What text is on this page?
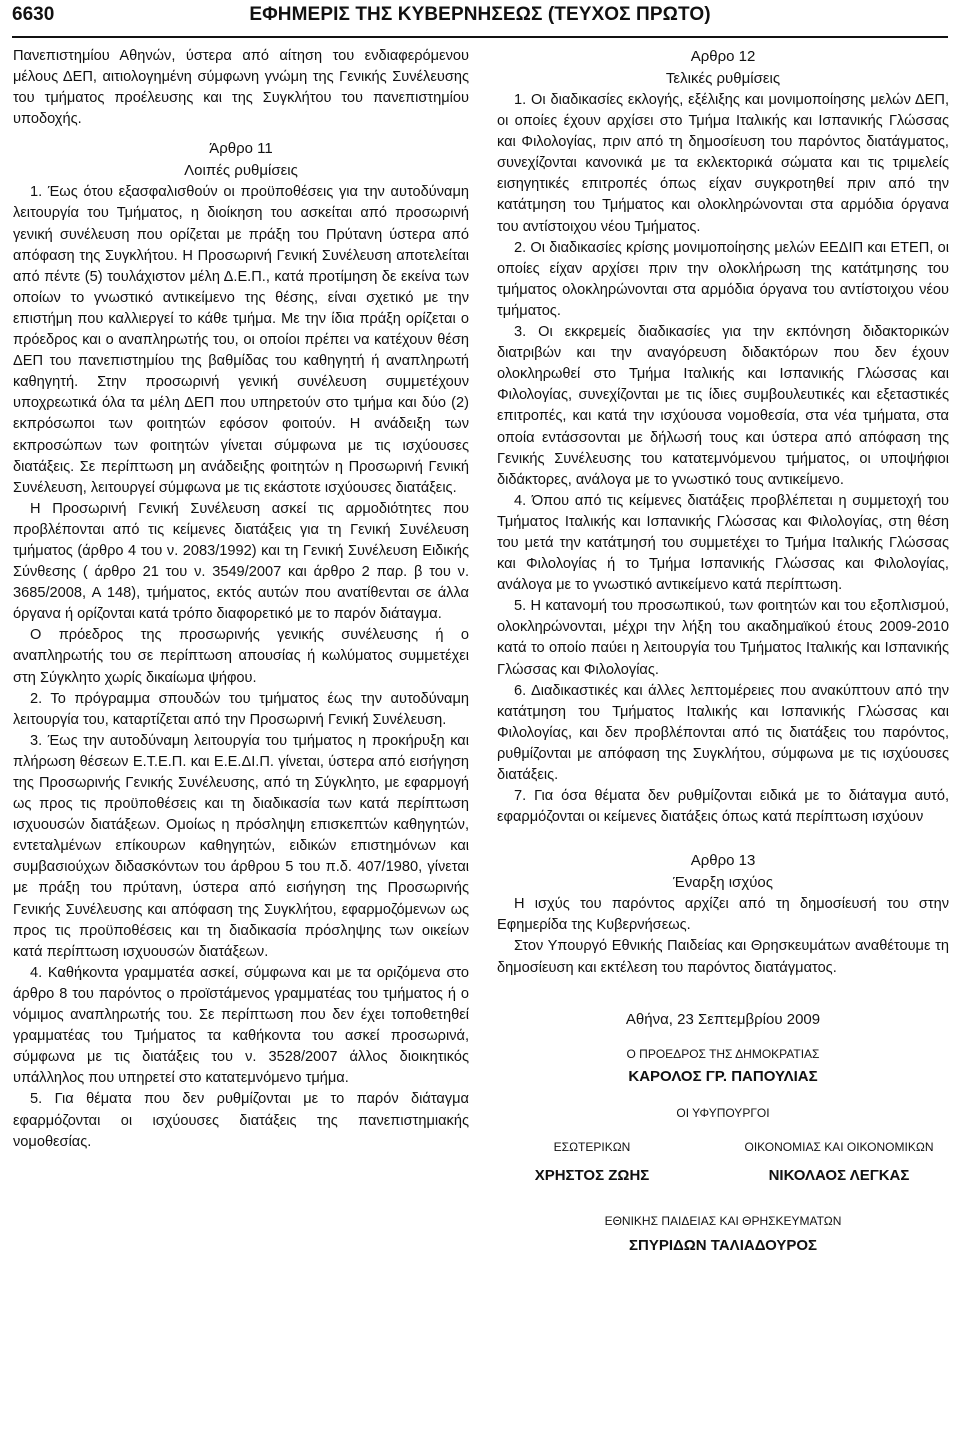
6630	ΕΦΗΜΕΡΙΣ ΤΗΣ ΚΥΒΕΡΝΗΣΕΩΣ (ΤΕΥΧΟΣ ΠΡΩΤΟ)

Πανεπιστημίου Αθηνών, ύστερα από αίτηση του ενδιαφερόμενου μέλους ΔΕΠ, αιτιολογημένη σύμφωνη γνώμη της Γενικής Συνέλευσης του τμήματος προέλευσης και της Συγκλήτου του πανεπιστημίου υποδοχής.

Άρθρο 11
Λοιπές ρυθμίσεις

1. Έως ότου εξασφαλισθούν οι προϋποθέσεις για την αυτοδύναμη λειτουργία του Τμήματος, η διοίκηση του ασκείται από προσωρινή γενική συνέλευση που ορίζεται με πράξη του Πρύτανη ύστερα από απόφαση της Συγκλήτου. Η Προσωρινή Γενική Συνέλευση αποτελείται από πέντε (5) τουλάχιστον μέλη Δ.Ε.Π., κατά προτίμηση δε εκείνα των οποίων το γνωστικό αντικείμενο της θέσης, είναι σχετικό με την επιστήμη που καλλιεργεί το κάθε τμήμα. Με την ίδια πράξη ορίζεται ο πρόεδρος και ο αναπληρωτής του, οι οποίοι πρέπει να κατέχουν θέση ΔΕΠ του πανεπιστημίου της βαθμίδας του καθηγητή ή αναπληρωτή καθηγητή. Στην προσωρινή γενική συνέλευση συμμετέχουν υποχρεωτικά όλα τα μέλη ΔΕΠ που υπηρετούν στο τμήμα και δύο (2) εκπρόσωποι των φοιτητών εφόσον φοιτούν. Η ανάδειξη των εκπροσώπων των φοιτητών γίνεται σύμφωνα με τις ισχύουσες διατάξεις. Σε περίπτωση μη ανάδειξης φοιτητών η Προσωρινή Γενική Συνέλευση, λειτουργεί σύμφωνα με τις εκάστοτε ισχύουσες διατάξεις.

Η Προσωρινή Γενική Συνέλευση ασκεί τις αρμοδιότητες που προβλέπονται από τις κείμενες διατάξεις για τη Γενική Συνέλευση τμήματος (άρθρο 4 του ν. 2083/1992) και τη Γενική Συνέλευση Ειδικής Σύνθεσης ( άρθρο 21 του ν. 3549/2007 και άρθρο 2 παρ. β του ν. 3685/2008, Α 148), τμήματος, εκτός αυτών που ανατίθενται σε άλλα όργανα ή ορίζονται κατά τρόπο διαφορετικό με το παρόν διάταγμα.

Ο πρόεδρος της προσωρινής γενικής συνέλευσης ή ο αναπληρωτής του σε περίπτωση απουσίας ή κωλύματος συμμετέχει στη Σύγκλητο χωρίς δικαίωμα ψήφου.

2. Το πρόγραμμα σπουδών του τμήματος έως την αυτοδύναμη λειτουργία του, καταρτίζεται από την Προσωρινή Γενική Συνέλευση.

3. Έως την αυτοδύναμη λειτουργία του τμήματος η προκήρυξη και πλήρωση θέσεων Ε.Τ.Ε.Π. και Ε.Ε.ΔΙ.Π. γίνεται, ύστερα από εισήγηση της Προσωρινής Γενικής Συνέλευσης, από τη Σύγκλητο, με εφαρμογή ως προς τις προϋποθέσεις και τη διαδικασία των κατά περίπτωση ισχυουσών διατάξεων. Ομοίως η πρόσληψη επισκεπτών καθηγητών, εντεταλμένων επίκουρων καθηγητών, ειδικών επιστημόνων και συμβασιούχων διδασκόντων του άρθρου 5 του π.δ. 407/1980, γίνεται με πράξη του πρύτανη, ύστερα από εισήγηση της Προσωρινής Γενικής Συνέλευσης και απόφαση της Συγκλήτου, εφαρμοζόμενων ως προς τις προϋποθέσεις και τη διαδικασία πρόσληψης των οικείων κατά περίπτωση ισχυουσών διατάξεων.

4. Καθήκοντα γραμματέα ασκεί, σύμφωνα και με τα οριζόμενα στο άρθρο 8 του παρόντος ο προϊστάμενος γραμματέας του τμήματος ή ο νόμιμος αναπληρωτής του. Σε περίπτωση που δεν έχει τοποθετηθεί γραμματέας του Τμήματος τα καθήκοντα του ασκεί προσωρινά, σύμφωνα με τις διατάξεις του ν. 3528/2007 άλλος διοικητικός υπάλληλος που υπηρετεί στο κατατεμνόμενο τμήμα.

5. Για θέματα που δεν ρυθμίζονται με το παρόν διάταγμα εφαρμόζονται οι ισχύουσες διατάξεις της πανεπιστημιακής νομοθεσίας.

Αρθρο 12
Τελικές ρυθμίσεις

1. Οι διαδικασίες εκλογής, εξέλιξης και μονιμοποίησης μελών ΔΕΠ, οι οποίες έχουν αρχίσει στο Τμήμα Ιταλικής και Ισπανικής Γλώσσας και Φιλολογίας, πριν από τη δημοσίευση του παρόντος διατάγματος, συνεχίζονται κανονικά με τα εκλεκτορικά σώματα και τις τριμελείς εισηγητικές επιτροπές όπως είχαν συγκροτηθεί πριν από την κατάτμηση του Τμήματος και ολοκληρώνονται στα αρμόδια όργανα του αντίστοιχου νέου Τμήματος.

2. Οι διαδικασίες κρίσης μονιμοποίησης μελών ΕΕΔΙΠ και ΕΤΕΠ, οι οποίες είχαν αρχίσει πριν την ολοκλήρωση της κατάτμησης του τμήματος ολοκληρώνονται στα αρμόδια όργανα του αντίστοιχου νέου τμήματος.

3. Οι εκκρεμείς διαδικασίες για την εκπόνηση διδακτορικών διατριβών και την αναγόρευση διδακτόρων που δεν έχουν ολοκληρωθεί στο Τμήμα Ιταλικής και Ισπανικής Γλώσσας και Φιλολογίας, συνεχίζονται με τις ίδιες συμβουλευτικές και εξεταστικές επιτροπές, και κατά την ισχύουσα νομοθεσία, στα νέα τμήματα, στα οποία εντάσσονται με δήλωσή τους και ύστερα από απόφαση της Γενικής Συνέλευσης του κατατεμνόμενου τμήματος, οι υποψήφιοι διδάκτορες, ανάλογα με το γνωστικό τους αντικείμενο.

4. Όπου από τις κείμενες διατάξεις προβλέπεται η συμμετοχή του Τμήματος Ιταλικής και Ισπανικής Γλώσσας και Φιλολογίας, στη θέση του μετά την κατάτμησή του συμμετέχει το Τμήμα Ιταλικής Γλώσσας και Φιλολογίας ή το Τμήμα Ισπανικής Γλώσσας και Φιλολογίας, ανάλογα με το γνωστικό αντικείμενο κατά περίπτωση.

5. Η κατανομή του προσωπικού, των φοιτητών και του εξοπλισμού, ολοκληρώνονται, μέχρι την λήξη του ακαδημαϊκού έτους 2009-2010 κατά το οποίο παύει η λειτουργία του Τμήματος Ιταλικής και Ισπανικής Γλώσσας και Φιλολογίας.

6. Διαδικαστικές και άλλες λεπτομέρειες που ανακύπτουν από την κατάτμηση του Τμήματος Ιταλικής και Ισπανικής Γλώσσας και Φιλολογίας, και δεν προβλέπονται από τις διατάξεις του παρόντος, ρυθμίζονται με απόφαση της Συγκλήτου, σύμφωνα με τις ισχύουσες διατάξεις.

7. Για όσα θέματα δεν ρυθμίζονται ειδικά με το διάταγμα αυτό, εφαρμόζονται οι κείμενες διατάξεις όπως κατά περίπτωση ισχύουν

Αρθρο 13
Έναρξη ισχύος

Η ισχύς του παρόντος αρχίζει από τη δημοσίευσή του στην Εφημερίδα της Κυβερνήσεως.

Στον Υπουργό Εθνικής Παιδείας και Θρησκευμάτων αναθέτουμε τη δημοσίευση και εκτέλεση του παρόντος διατάγματος.

Αθήνα, 23 Σεπτεμβρίου 2009
Ο ΠΡΟΕΔΡΟΣ ΤΗΣ ΔΗΜΟΚΡΑΤΙΑΣ
ΚΑΡΟΛΟΣ ΓΡ. ΠΑΠΟΥΛΙΑΣ
ΟΙ ΥΦΥΠΟΥΡΓΟΙ
ΕΣΩΤΕΡΙΚΩΝ
ΧΡΗΣΤΟΣ ΖΩΗΣ
ΟΙΚΟΝΟΜΙΑΣ ΚΑΙ ΟΙΚΟΝΟΜΙΚΩΝ
ΝΙΚΟΛΑΟΣ ΛΕΓΚΑΣ
ΕΘΝΙΚΗΣ ΠΑΙΔΕΙΑΣ ΚΑΙ ΘΡΗΣΚΕΥΜΑΤΩΝ
ΣΠΥΡΙΔΩΝ ΤΑΛΙΑΔΟΥΡΟΣ
